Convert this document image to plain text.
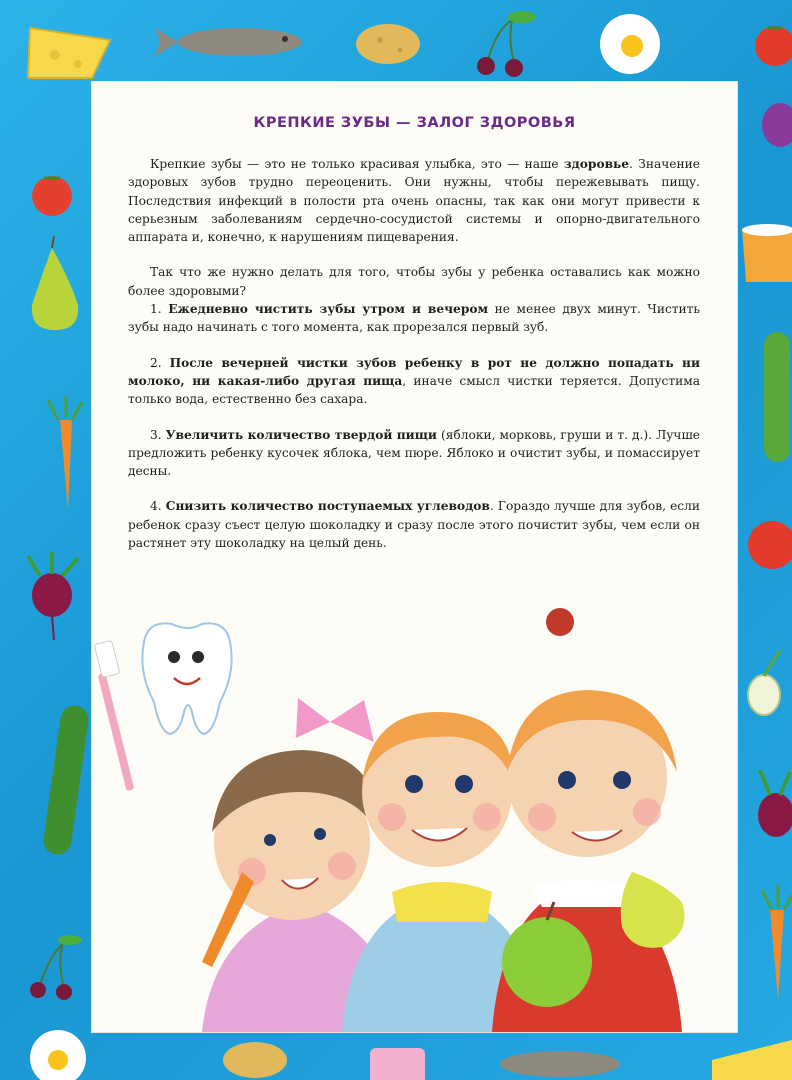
КРЕПКИЕ ЗУБЫ — ЗАЛОГ ЗДОРОВЬЯ

Крепкие зубы — это не только красивая улыбка, это — наше здоровье. Значение здоровых зубов трудно переоценить. Они нужны, чтобы пережевывать пищу. Последствия инфекций в полости рта очень опасны, так как они могут привести к серьезным заболеваниям сердечно-сосудистой системы и опорно-двигательного аппарата и, конечно, к нарушениям пищеварения.

Так что же нужно делать для того, чтобы зубы у ребенка оставались как можно более здоровыми?

1. Ежедневно чистить зубы утром и вечером не менее двух минут. Чистить зубы надо начинать с того момента, как прорезался первый зуб.

2. После вечерней чистки зубов ребенку в рот не должно попадать ни молоко, ни какая-либо другая пища, иначе смысл чистки теряется. Допустима только вода, естественно без сахара.

3. Увеличить количество твердой пищи (яблоки, морковь, груши и т. д.). Лучше предложить ребенку кусочек яблока, чем пюре. Яблоко и очистит зубы, и помассирует десны.

4. Снизить количество поступаемых углеводов. Гораздо лучше для зубов, если ребенок сразу съест целую шоколадку и сразу после этого почистит зубы, чем если он растянет эту шоколадку на целый день.
